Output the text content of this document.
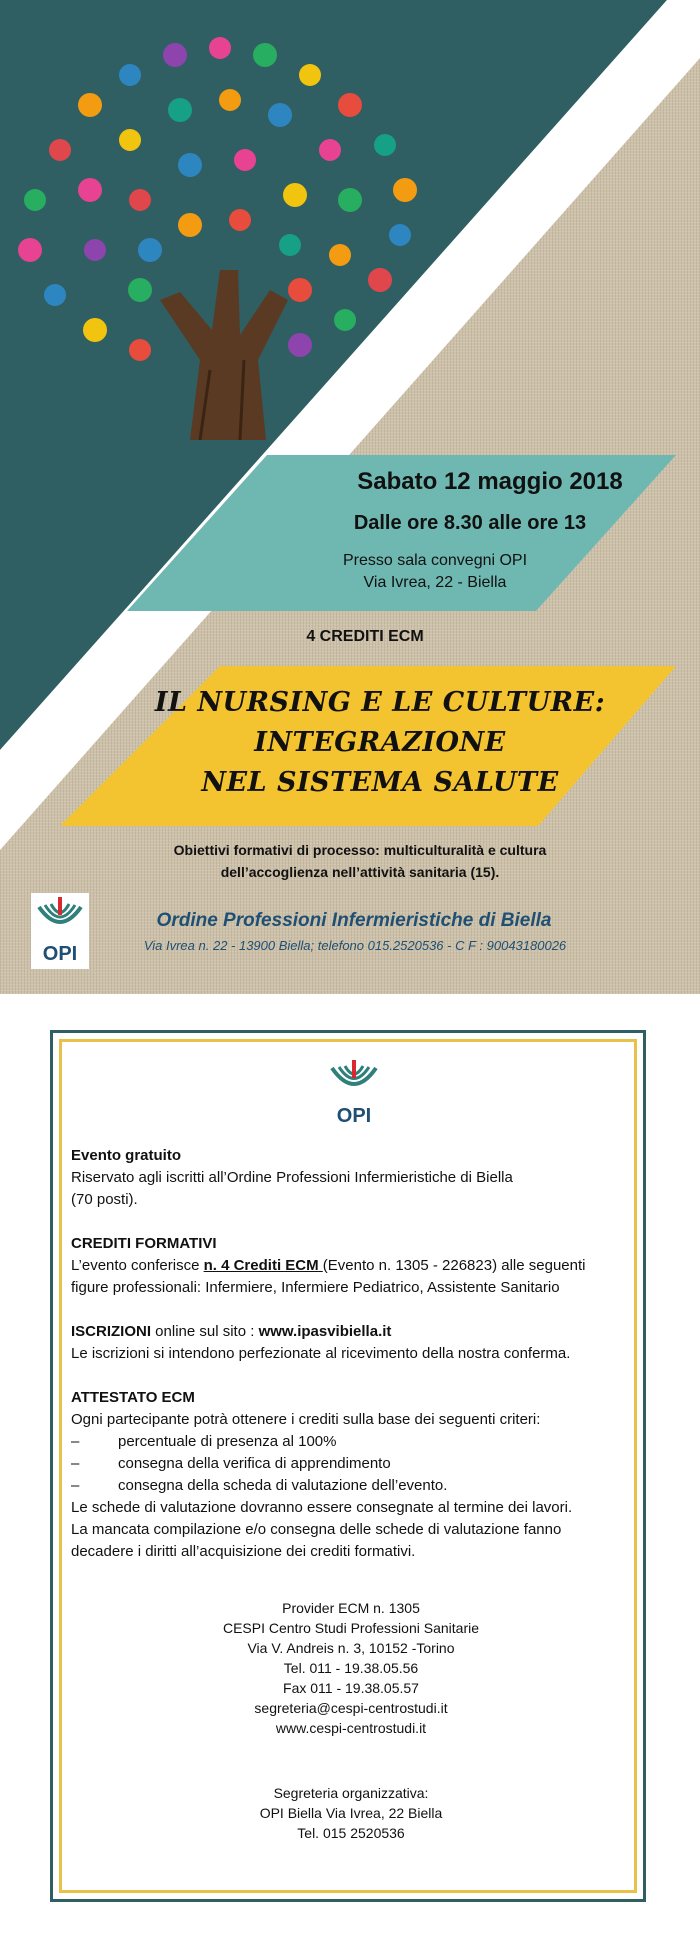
Sabato 12 maggio 2018
Dalle ore 8.30 alle ore 13
Presso sala convegni OPI
Via Ivrea, 22 - Biella
4 CREDITI ECM
IL NURSING E LE CULTURE:
INTEGRAZIONE
NEL SISTEMA SALUTE
Obiettivi formativi di processo: multiculturalità e cultura
dell’accoglienza nell’attività sanitaria (15).
OPI
Ordine Professioni Infermieristiche di Biella
Via Ivrea n. 22 - 13900 Biella; telefono 015.2520536 - C F : 90043180026
OPI

Evento gratuito

Riservato agli iscritti all’Ordine Professioni Infermieristiche di Biella

(70 posti).

CREDITI FORMATIVI

L’evento conferisce n. 4 Crediti ECM (Evento n. 1305 - 226823) alle seguenti

figure professionali: Infermiere, Infermiere Pediatrico, Assistente Sanitario

ISCRIZIONI online sul sito : www.ipasvibiella.it

Le iscrizioni si intendono perfezionate al ricevimento della nostra conferma.

ATTESTATO ECM

Ogni partecipante potrà ottenere i crediti sulla base dei seguenti criteri:

–	percentuale di presenza al 100%

–	consegna della verifica di apprendimento

–	consegna della scheda di valutazione dell’evento.

Le schede di valutazione dovranno essere consegnate al termine dei lavori.

La mancata compilazione e/o consegna delle schede di valutazione fanno

decadere i diritti all’acquisizione dei crediti formativi.

Provider ECM n. 1305
CESPI Centro Studi Professioni Sanitarie
Via V. Andreis n. 3, 10152 -Torino
Tel. 011 - 19.38.05.56
Fax 011 - 19.38.05.57
segreteria@cespi-centrostudi.it
www.cespi-centrostudi.it
Segreteria organizzativa:
OPI Biella Via Ivrea, 22 Biella
Tel. 015 2520536
